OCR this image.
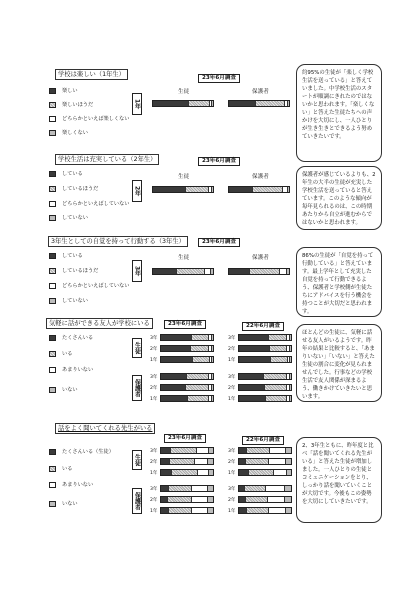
学校は楽しい（1年生）
楽しい
楽しいほうだ
どちらかといえば楽しくない
楽しくない
1年
23年6月調査
生徒	保護者
約95%の生徒が「楽しく学校生活を送っている」と答えていました。中学校生活のスタートが順調にきれたのではないかと思われます。「楽しくない」と答えた生徒たちへの声かけを大切にし、一人ひとりが生き生きとできるよう努めていきたいです。
学校生活は充実している（2年生）
している
しているほうだ
どちらかといえばしていない
していない
2年
23年6月調査
生徒	保護者	保護者が感じているよりも、2年生の大半の生徒が充実した学校生活を送っていると答えています。このような傾向が毎年見られるのは、この時期あたりから自立が進むからではないかと思われます。
3年生としての自覚を持って行動する（3年生）
している
しているほうだ
どちらかといえばしていない
していない
3年
23年6月調査
生徒	保護者	86%の生徒が「自覚を持って行動している」と答えています。最上学年として充実した自覚を持って行動できるよう、保護者と学校側が生徒たちにアドバイスを行う機会を持つことが大切だと思われます。
気軽に話ができる友人が学校にいる
たくさんいる
いる
あまりいない
いない
生徒
保護者
23年6月調査	22年6月調査
3年
2年
1年
3年
2年
1年
3年
2年
1年
3年
2年
1年
ほとんどの生徒に、気軽に話せる友人がいるようです。昨年の結果と比較すると、「あまりいない」「いない」と答えた生徒の割合に変化が見られませんでした。行事などの学校生活で友人関係が深まるよう、働きかけていきたいと思います。
話をよく聞いてくれる先生がいる
たくさんいる（生徒）
いる
あまりいない
いない
生徒
保護者
23年6月調査	22年6月調査
3年
2年
1年
3年
2年
1年
3年
2年
1年
3年
2年
1年
2、3年生ともに、昨年度と比べ「話を聞いてくれる先生がいる」と答えた生徒が増加しました。一人ひとりの生徒とコミュニケーションをとり、しっかり話を聞いていくことが大切です。今後もこの姿勢を大切にしていきたいです。
